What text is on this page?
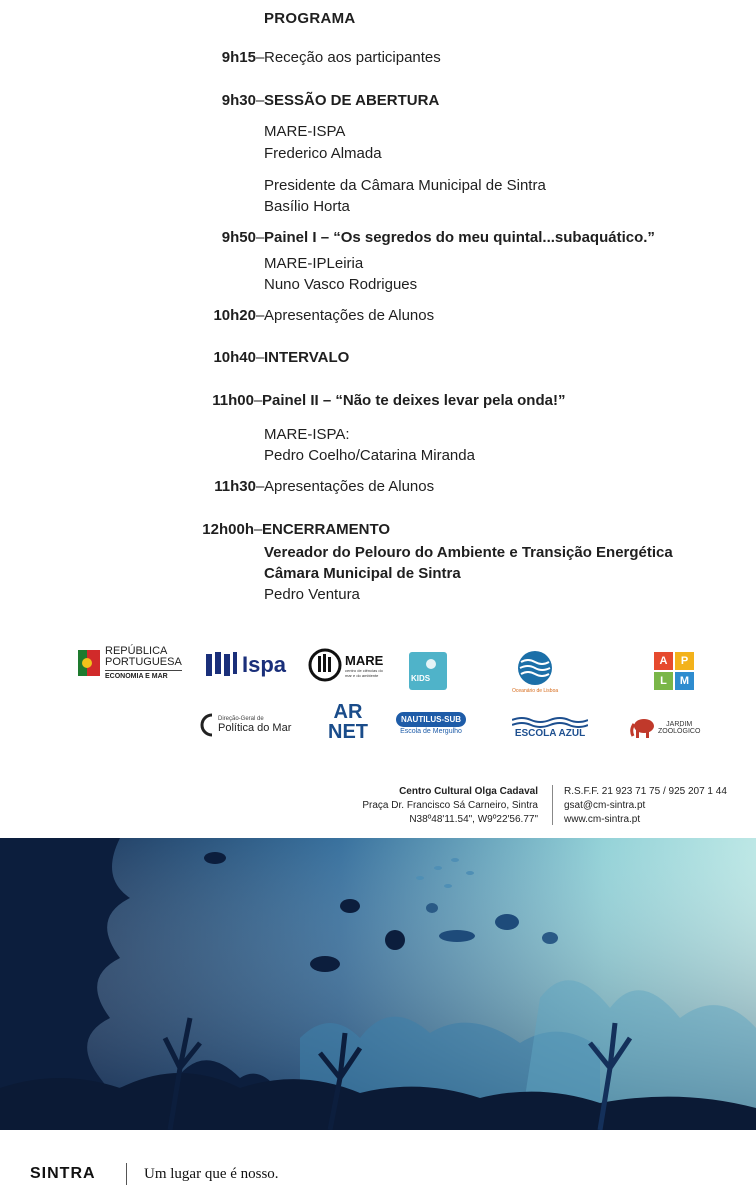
PROGRAMA
9h15 – Receção aos participantes
9h30 – SESSÃO DE ABERTURA
MARE-ISPA
Frederico Almada
Presidente da Câmara Municipal de Sintra
Basílio Horta
9h50 – Painel I – “Os segredos do meu quintal...subaquático.”
MARE-IPLeiria
Nuno Vasco Rodrigues
10h20 – Apresentações de Alunos
10h40 – INTERVALO
11h00 – Painel II – “Não te deixes levar pela onda!”
MARE-ISPA:
Pedro Coelho/Catarina Miranda
11h30 – Apresentações de Alunos
12h00h – ENCERRAMENTO
Vereador do Pelouro do Ambiente e Transição Energética
Câmara Municipal de Sintra
Pedro Ventura
REPÚBLICA
PORTUGUESA
ECONOMIA E MAR	Ispa	MARE
centro de ciências do mar e do ambiente	KIDS
Oceanário de Lisboa
A	P
L	M
Direção-Geral de
Política do Mar
AR
NET
NAUTILUS-SUB
Escola de Mergulho	ESCOLA AZUL
JARDIM
ZOOLÓGICO
Centro Cultural Olga Cadaval
Praça Dr. Francisco Sá Carneiro, Sintra
N38º48'11.54", W9º22'56.77"
R.S.F.F. 21 923 71 75 / 925 207 1 44
gsat@cm-sintra.pt
www.cm-sintra.pt
SINTRA	Um lugar que é nosso.
